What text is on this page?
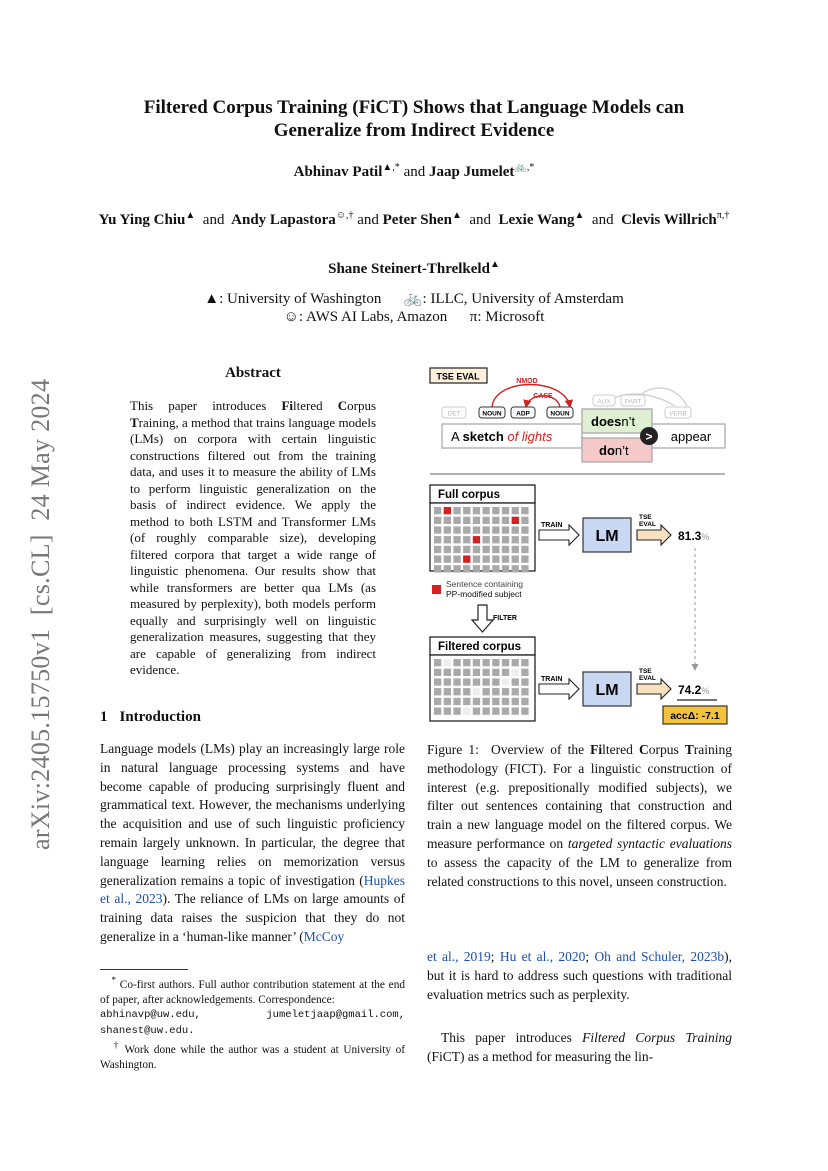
Filtered Corpus Training (FiCT) Shows that Language Models can
Generalize from Indirect Evidence
Abhinav Patil▲,* and Jaap Jumelet🚲,*
Yu Ying Chiu▲ and Andy Lapastora☺,† and Peter Shen▲ and Lexie Wang▲ and Clevis Willrich$^{\pi,\dagger}$
Shane Steinert-Threlkeld▲
▲: University of Washington      🚲: ILLC, University of Amsterdam
☺: AWS AI Labs, Amazon      π: Microsoft
arXiv:2405.15750v1  [cs.CL]  24 May 2024
Abstract
This paper introduces Filtered Corpus Training, a method that trains language models (LMs) on corpora with certain linguistic constructions filtered out from the training data, and uses it to measure the ability of LMs to perform linguistic generalization on the basis of indirect evidence. We apply the method to both LSTM and Transformer LMs (of roughly comparable size), developing filtered corpora that target a wide range of linguistic phenomena. Our results show that while transformers are better qua LMs (as measured by perplexity), both models perform equally and surprisingly well on linguistic generalization measures, suggesting that they are capable of generalizing from indirect evidence.
1 Introduction
Language models (LMs) play an increasingly large role in natural language processing systems and have become capable of producing surprisingly fluent and grammatical text. However, the mechanisms underlying the acquisition and use of such linguistic proficiency remain largely unknown. In particular, the degree that language learning relies on memorization versus generalization remains a topic of investigation (Hupkes et al., 2023). The reliance of LMs on large amounts of training data raises the suspicion that they do not generalize in a ‘human-like manner’ (McCoy
* Co-first authors. Full author contribution statement at the end of paper, after acknowledgements. Correspondence:
abhinavp@uw.edu,	jumeletjaap@gmail.com,
shanest@uw.edu.
† Work done while the author was a student at University of Washington.
TSE EVAL	NMOD
CASE
DET	NOUN ADP	NOUN
AUX PART
VERB
A sketch of lights
doesn’t
don’t
appear
>
Full corpus
Sentence containing
PP-modified subject
FILTER
Filtered corpus
TRAIN
LM
TSE
EVAL
81.3%
TRAIN
LM
TSE
EVAL
74.2%
accΔ: -7.1
Figure 1:  Overview of the Filtered Corpus Training methodology (FICT). For a linguistic construction of interest (e.g. prepositionally modified subjects), we filter out sentences containing that construction and train a new language model on the filtered corpus. We measure performance on targeted syntactic evaluations to assess the capacity of the LM to generalize from related constructions to this novel, unseen construction.
et al., 2019; Hu et al., 2020; Oh and Schuler, 2023b), but it is hard to address such questions with traditional evaluation metrics such as perplexity.
This paper introduces Filtered Corpus Training (FiCT) as a method for measuring the lin-
